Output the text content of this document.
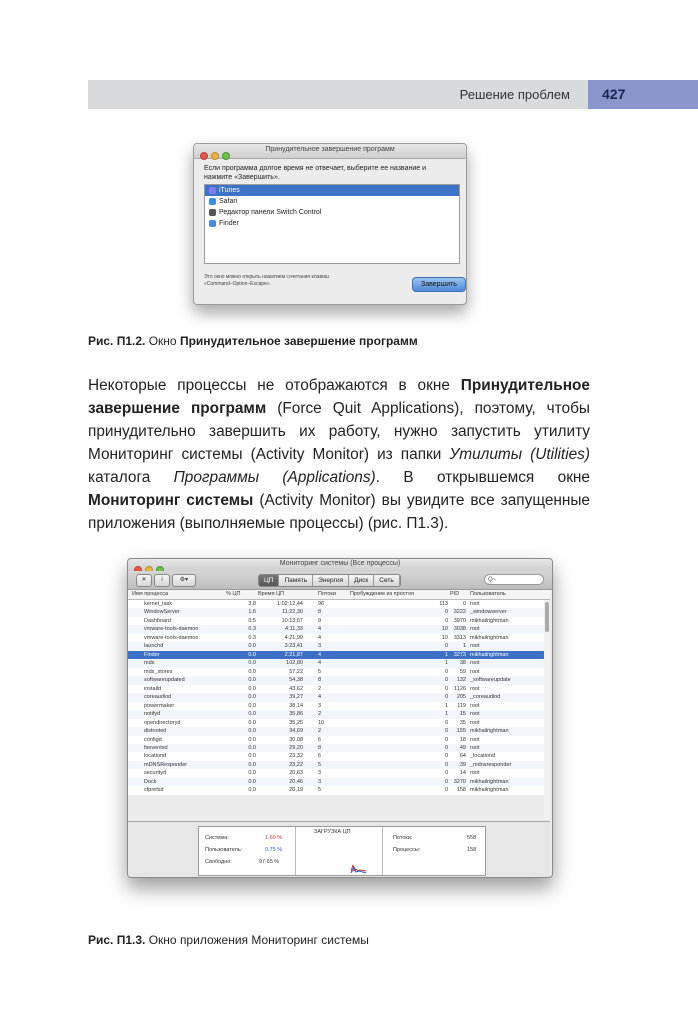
Решение проблем 427
Принудительное завершение программ
Если программа долгое время не отвечает, выберите ее название и нажмите «Завершить».
iTunes
Safari
Редактор панели Switch Control
Finder
Это окно можно открыть нажатием сочетания клавиш «Command–Option–Escape».	Завершить
Рис. П1.2. Окно Принудительное завершение программ
Некоторые процессы не отображаются в окне Принудительное завершение программ (Force Quit Applications), поэтому, чтобы принудительно завершить их работу, нужно запустить утилиту Мониторинг системы (Activity Monitor) из папки Утилиты (Utilities) каталога Программы (Applications). В открывшемся окне Мониторинг системы (Activity Monitor) вы увидите все запущенные приложения (выполняемые процессы) (рис. П1.3).
Мониторинг системы (Все процессы)
✕	i	⚙▾	ЦП	Память	Энергия	Диск	Сеть	Q~
Имя процесса	% ЦП	Время ЦП	Потоки	Пробуждение из простоя	PID Пользователь
kernel_task	3.8	1:02:12,44	96	113	0 root
WindowServer	1.6	11:22,30	8	0	3222 _windowserver
Dashboard	0.5	10:13,67	9	0	3970 mikhailrightman
vmware-tools-daemon	0.3	4:11,33	4	10	3038 root
vmware-tools-daemon	0.3	4:21,99	4	10	3313 mikhailrightman
launchd	0.0	3:23,41	3	0	1 root
Finder	0.0	2:21,87	4	1	3273 mikhailrightman
mds	0.0	102,80	4	1	38 root
mds_stores	0.0	57,22	5	0	59 root
softwareupdated	0.0	54,38	8	0	132 _softwareupdate
installd	0.0	43,62	2	0	1126 root
coreaudiod	0.0	39,27	4	0	205 _coreaudiod
powermaker	0.0	38,14	3	1	119 root
notifyd	0.0	35,86	2	1	15 root
opendirectoryd	0.0	35,25	10	0	35 root
distnoted	0.0	34,69	2	0	155 mikhailrightman
configd	0.0	30,08	6	0	18 root
fseventsd	0.0	29,20	8	0	49 root
locationd	0.0	23,32	6	0	64 _locationd
mDNSResponder	0.0	23,22	5	0	39 _mdnsresponder
securityd	0.0	20,63	3	0	14 root
Dock	0.0	20,46	3	0	3270 mikhailrightman
cfprefsd	0.0	20,19	5	0	158 mikhailrightman
Система:	1.60 %
Пользователь:	0.75 %
Свободно:	97.65 %
ЗАГРУЗКА ЦП
Потоки:	558
Процессы:	158
Рис. П1.3. Окно приложения Мониторинг системы
